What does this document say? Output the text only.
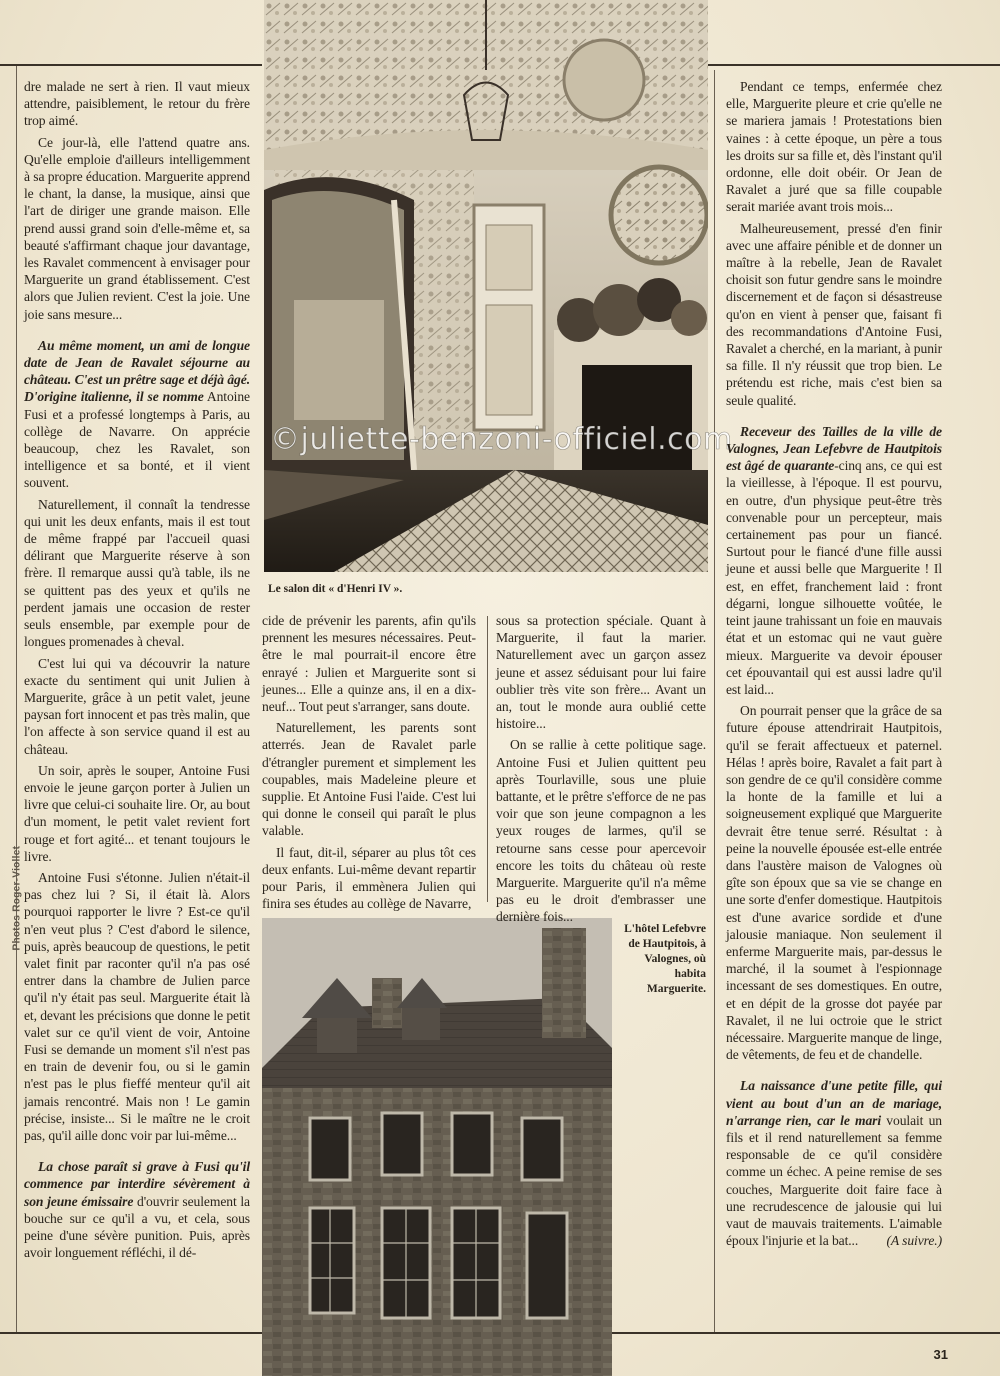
Photos Roger-Viollet
Le salon dit « d'Henri IV ».
L'hôtel Lefebvre de Hautpitois, à Valognes, où habita Marguerite.
©juliette-benzoni-officiel.com

dre malade ne sert à rien. Il vaut mieux attendre, paisiblement, le retour du frère trop aimé.

Ce jour-là, elle l'attend quatre ans. Qu'elle emploie d'ailleurs intelligemment à sa propre éducation. Marguerite apprend le chant, la danse, la musique, ainsi que l'art de diriger une grande maison. Elle prend aussi grand soin d'elle-même et, sa beauté s'affirmant chaque jour davantage, les Ravalet commencent à envisager pour Marguerite un grand établissement. C'est alors que Julien revient. C'est la joie. Une joie sans mesure...

Au même moment, un ami de longue date de Jean de Ravalet séjourne au château. C'est un prêtre sage et déjà âgé. D'origine italienne, il se nomme Antoine Fusi et a professé longtemps à Paris, au collège de Navarre. On apprécie beaucoup, chez les Ravalet, son intelligence et sa bonté, et il vient souvent.

Naturellement, il connaît la tendresse qui unit les deux enfants, mais il est tout de même frappé par l'accueil quasi délirant que Marguerite réserve à son frère. Il remarque aussi qu'à table, ils ne se quittent pas des yeux et qu'ils ne perdent jamais une occasion de rester seuls ensemble, par exemple pour de longues promenades à cheval.

C'est lui qui va découvrir la nature exacte du sentiment qui unit Julien à Marguerite, grâce à un petit valet, jeune paysan fort innocent et pas très malin, que l'on affecte à son service quand il est au château.

Un soir, après le souper, Antoine Fusi envoie le jeune garçon porter à Julien un livre que celui-ci souhaite lire. Or, au bout d'un moment, le petit valet revient fort rouge et fort agité... et tenant toujours le livre.

Antoine Fusi s'étonne. Julien n'était-il pas chez lui ? Si, il était là. Alors pourquoi rapporter le livre ? Est-ce qu'il n'en veut plus ? C'est d'abord le silence, puis, après beaucoup de questions, le petit valet finit par raconter qu'il n'a pas osé entrer dans la chambre de Julien parce qu'il n'y était pas seul. Marguerite était là et, devant les précisions que donne le petit valet sur ce qu'il vient de voir, Antoine Fusi se demande un moment s'il n'est pas en train de devenir fou, ou si le gamin n'est pas le plus fieffé menteur qu'il ait jamais rencontré. Mais non ! Le gamin précise, insiste... Si le maître ne le croit pas, qu'il aille donc voir par lui-même...

La chose paraît si grave à Fusi qu'il commence par interdire sévèrement à son jeune émissaire d'ouvrir seulement la bouche sur ce qu'il a vu, et cela, sous peine d'une sévère punition. Puis, après avoir longuement réfléchi, il dé-

cide de prévenir les parents, afin qu'ils prennent les mesures nécessaires. Peut-être le mal pourrait-il encore être enrayé : Julien et Marguerite sont si jeunes... Elle a quinze ans, il en a dix-neuf... Tout peut s'arranger, sans doute.

Naturellement, les parents sont atterrés. Jean de Ravalet parle d'étrangler purement et simplement les coupables, mais Madeleine pleure et supplie. Et Antoine Fusi l'aide. C'est lui qui donne le conseil qui paraît le plus valable.

Il faut, dit-il, séparer au plus tôt ces deux enfants. Lui-même devant repartir pour Paris, il emmènera Julien qui finira ses études au collège de Navarre,

sous sa protection spéciale. Quant à Marguerite, il faut la marier. Naturellement avec un garçon assez jeune et assez séduisant pour lui faire oublier très vite son frère... Avant un an, tout le monde aura oublié cette histoire...

On se rallie à cette politique sage. Antoine Fusi et Julien quittent peu après Tourlaville, sous une pluie battante, et le prêtre s'efforce de ne pas voir que son jeune compagnon a les yeux rouges de larmes, qu'il se retourne sans cesse pour apercevoir encore les toits du château où reste Marguerite. Marguerite qu'il n'a même pas eu le droit d'embrasser une dernière fois...

Pendant ce temps, enfermée chez elle, Marguerite pleure et crie qu'elle ne se mariera jamais ! Protestations bien vaines : à cette époque, un père a tous les droits sur sa fille et, dès l'instant qu'il ordonne, elle doit obéir. Or Jean de Ravalet a juré que sa fille coupable serait mariée avant trois mois...

Malheureusement, pressé d'en finir avec une affaire pénible et de donner un maître à la rebelle, Jean de Ravalet choisit son futur gendre sans le moindre discernement et de façon si désastreuse qu'on en vient à penser que, faisant fi des recommandations d'Antoine Fusi, Ravalet a cherché, en la mariant, à punir sa fille. Il n'y réussit que trop bien. Le prétendu est riche, mais c'est bien sa seule qualité.

Receveur des Tailles de la ville de Valognes, Jean Lefebvre de Hautpitois est âgé de quarante-cinq ans, ce qui est la vieillesse, à l'époque. Il est pourvu, en outre, d'un physique peut-être très convenable pour un percepteur, mais certainement pas pour un fiancé. Surtout pour le fiancé d'une fille aussi jeune et aussi belle que Marguerite ! Il est, en effet, franchement laid : front dégarni, longue silhouette voûtée, le teint jaune trahissant un foie en mauvais état et un estomac qui ne vaut guère mieux. Marguerite va devoir épouser cet épouvantail qui est aussi ladre qu'il est laid...

On pourrait penser que la grâce de sa future épouse attendrirait Hautpitois, qu'il se ferait affectueux et paternel. Hélas ! après boire, Ravalet a fait part à son gendre de ce qu'il considère comme la honte de la famille et lui a soigneusement expliqué que Marguerite devrait être tenue serré. Résultat : à peine la nouvelle épousée est-elle entrée dans l'austère maison de Valognes où gîte son époux que sa vie se change en une sorte d'enfer domestique. Hautpitois est d'une avarice sordide et d'une jalousie maniaque. Non seulement il enferme Marguerite mais, par-dessus le marché, il la soumet à l'espionnage incessant de ses domestiques. En outre, et en dépit de la grosse dot payée par Ravalet, il ne lui octroie que le strict nécessaire. Marguerite manque de linge, de vêtements, de feu et de chandelle.

La naissance d'une petite fille, qui vient au bout d'un an de mariage, n'arrange rien, car le mari voulait un fils et il rend naturellement sa femme responsable de ce qu'il considère comme un échec. A peine remise de ses couches, Marguerite doit faire face à une recrudescence de jalousie qui lui vaut de mauvais traitements. L'aimable époux l'injurie et la bat...	(A suivre.)

31
